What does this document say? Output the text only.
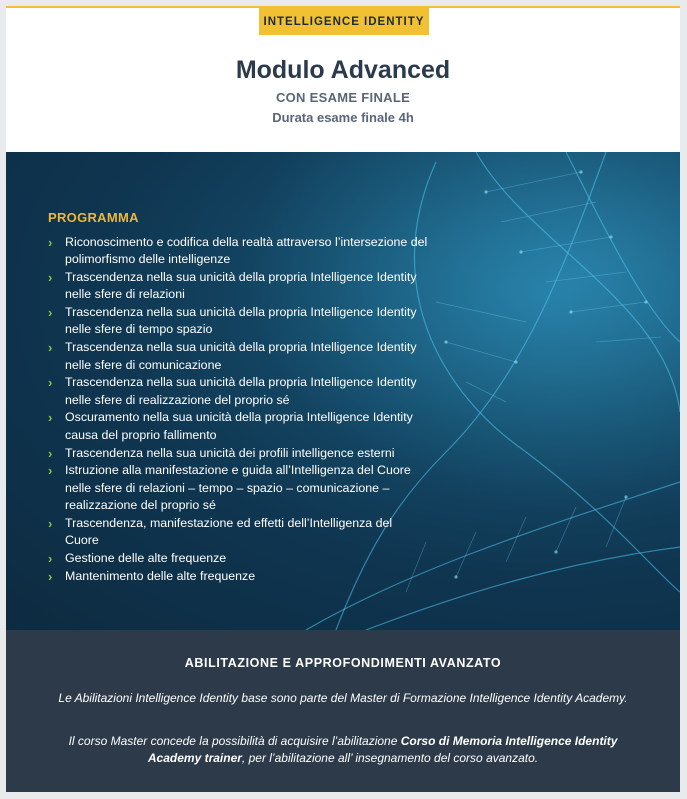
INTELLIGENCE IDENTITY
Modulo Advanced
CON ESAME FINALE
Durata esame finale 4h
PROGRAMMA
› Riconoscimento e codifica della realtà attraverso l’intersezione del polimorfismo delle intelligenze
› Trascendenza nella sua unicità della propria Intelligence Identity nelle sfere di relazioni
› Trascendenza nella sua unicità della propria Intelligence Identity nelle sfere di tempo spazio
› Trascendenza nella sua unicità della propria Intelligence Identity nelle sfere di comunicazione
› Trascendenza nella sua unicità della propria Intelligence Identity nelle sfere di realizzazione del proprio sé
› Oscuramento nella sua unicità della propria Intelligence Identity causa del proprio fallimento
› Trascendenza nella sua unicità dei profili intelligence esterni
› Istruzione alla manifestazione e guida all’Intelligenza del Cuore nelle sfere di relazioni – tempo – spazio – comunicazione – realizzazione del proprio sé
› Trascendenza, manifestazione ed effetti dell’Intelligenza del Cuore
› Gestione delle alte frequenze
› Mantenimento delle alte frequenze
ABILITAZIONE E APPROFONDIMENTI AVANZATO

Le Abilitazioni Intelligence Identity base sono parte del Master di Formazione Intelligence Identity Academy.

Il corso Master concede la possibilità di acquisire l’abilitazione Corso di Memoria Intelligence Identity Academy trainer, per l’abilitazione all’ insegnamento del corso avanzato.
